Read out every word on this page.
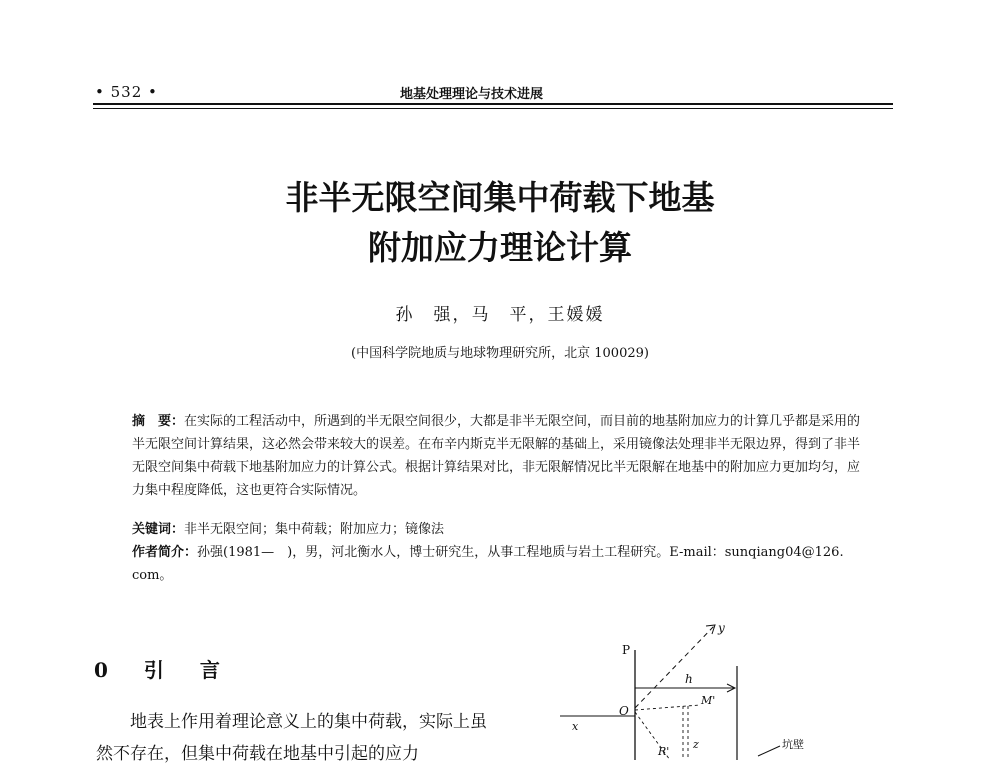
• 532 •	地基处理理论与技术进展
非半无限空间集中荷载下地基
附加应力理论计算
孙　强，马　平，王媛媛
(中国科学院地质与地球物理研究所，北京 100029)
摘　要：在实际的工程活动中，所遇到的半无限空间很少，大都是非半无限空间，而目前的地基附加应力的计算几乎都是采用的半无限空间计算结果，这必然会带来较大的误差。在布辛内斯克半无限解的基础上，采用镜像法处理非半无限边界，得到了非半无限空间集中荷载下地基附加应力的计算公式。根据计算结果对比，非无限解情况比半无限解在地基中的附加应力更加均匀，应力集中程度降低，这也更符合实际情况。
关键词：非半无限空间；集中荷载；附加应力；镜像法
作者简介：孙强(1981—　)，男，河北衡水人，博士研究生，从事工程地质与岩土工程研究。E-mail：sunqiang04@126. com。
0　引　言
地表上作用着理论意义上的集中荷载，实际上虽然不存在，但集中荷载在地基中引起的应力
P
y
h
M'
O
x
R'
z	坑壁
